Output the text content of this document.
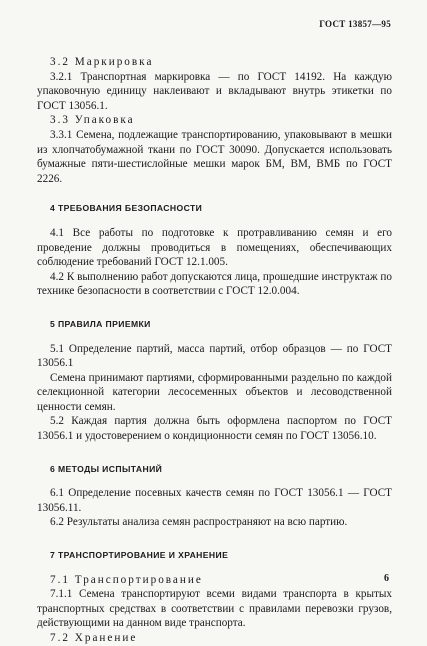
ГОСТ 13857—95

3.2 Маркировка

3.2.1 Транспортная маркировка — по ГОСТ 14192. На каждую упаковочную единицу наклеивают и вкладывают внутрь этикетки по ГОСТ 13056.1.

3.3 Упаковка

3.3.1 Семена, подлежащие транспортированию, упаковывают в мешки из хлопчатобумажной ткани по ГОСТ 30090. Допускается использовать бумажные пяти-шестислойные мешки марок БМ, ВМ, ВМБ по ГОСТ 2226.

4 ТРЕБОВАНИЯ БЕЗОПАСНОСТИ

4.1 Все работы по подготовке к протравливанию семян и его проведение должны проводиться в помещениях, обеспечивающих соблюдение требований ГОСТ 12.1.005.

4.2 К выполнению работ допускаются лица, прошедшие инструктаж по технике безопасности в соответствии с ГОСТ 12.0.004.

5 ПРАВИЛА ПРИЕМКИ

5.1 Определение партий, масса партий, отбор образцов — по ГОСТ 13056.1

Семена принимают партиями, сформированными раздельно по каждой селекционной категории лесосеменных объектов и лесоводственной ценности семян.

5.2 Каждая партия должна быть оформлена паспортом по ГОСТ 13056.1 и удостоверением о кондиционности семян по ГОСТ 13056.10.

6 МЕТОДЫ ИСПЫТАНИЙ

6.1 Определение посевных качеств семян по ГОСТ 13056.1 — ГОСТ 13056.11.

6.2 Результаты анализа семян распространяют на всю партию.

7 ТРАНСПОРТИРОВАНИЕ И ХРАНЕНИЕ

7.1 Транспортирование

7.1.1 Семена транспортируют всеми видами транспорта в крытых транспортных средствах в соответствии с правилами перевозки грузов, действующими на данном виде транспорта.

7.2 Хранение

6
